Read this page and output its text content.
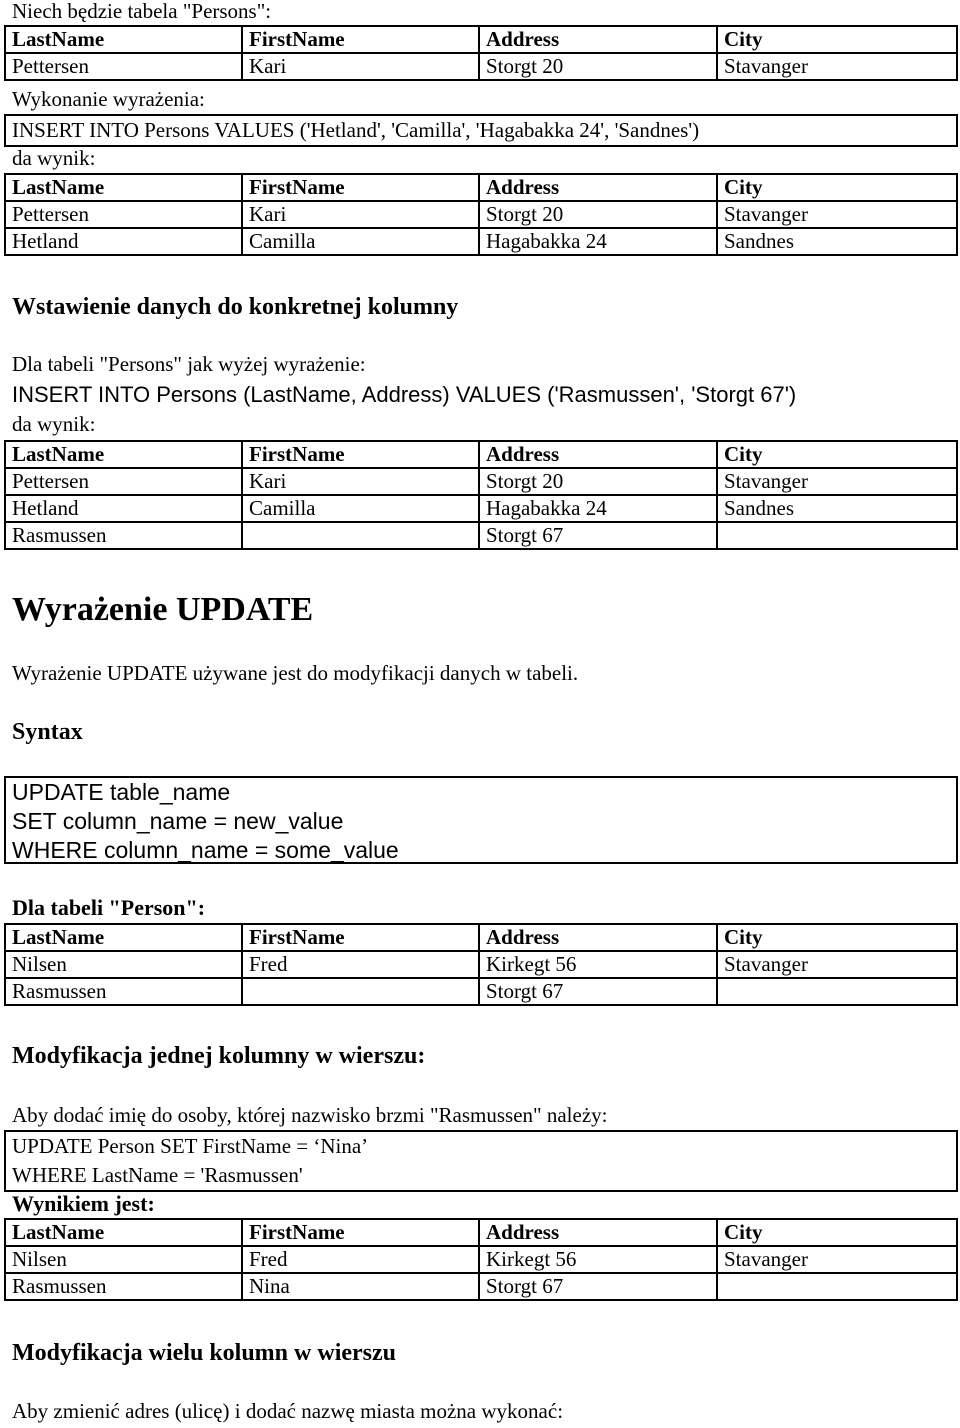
Niech będzie tabela "Persons":
LastName	FirstName	Address	City
Pettersen	Kari	Storgt 20	Stavanger
Wykonanie wyrażenia:
INSERT INTO Persons VALUES ('Hetland', 'Camilla', 'Hagabakka 24', 'Sandnes')
da wynik:
LastName	FirstName	Address	City
Pettersen	Kari	Storgt 20	Stavanger
Hetland	Camilla	Hagabakka 24	Sandnes
Wstawienie danych do konkretnej kolumny
Dla tabeli "Persons" jak wyżej wyrażenie:
INSERT INTO Persons (LastName, Address) VALUES ('Rasmussen', 'Storgt 67')
da wynik:
LastName	FirstName	Address	City
Pettersen	Kari	Storgt 20	Stavanger
Hetland	Camilla	Hagabakka 24	Sandnes
Rasmussen		Storgt 67	
Wyrażenie UPDATE
Wyrażenie UPDATE używane jest do modyfikacji danych w tabeli.
Syntax
UPDATE table_name
SET column_name = new_value
WHERE column_name = some_value
Dla tabeli "Person":
LastName	FirstName	Address	City
Nilsen	Fred	Kirkegt 56	Stavanger
Rasmussen		Storgt 67	
Modyfikacja jednej kolumny w wierszu:
Aby dodać imię do osoby, której nazwisko brzmi "Rasmussen" należy:
UPDATE Person SET FirstName = ‘Nina’
WHERE LastName = 'Rasmussen'
Wynikiem jest:
LastName	FirstName	Address	City
Nilsen	Fred	Kirkegt 56	Stavanger
Rasmussen	Nina	Storgt 67	
Modyfikacja wielu kolumn w wierszu
Aby zmienić adres (ulicę) i dodać nazwę miasta można wykonać:
